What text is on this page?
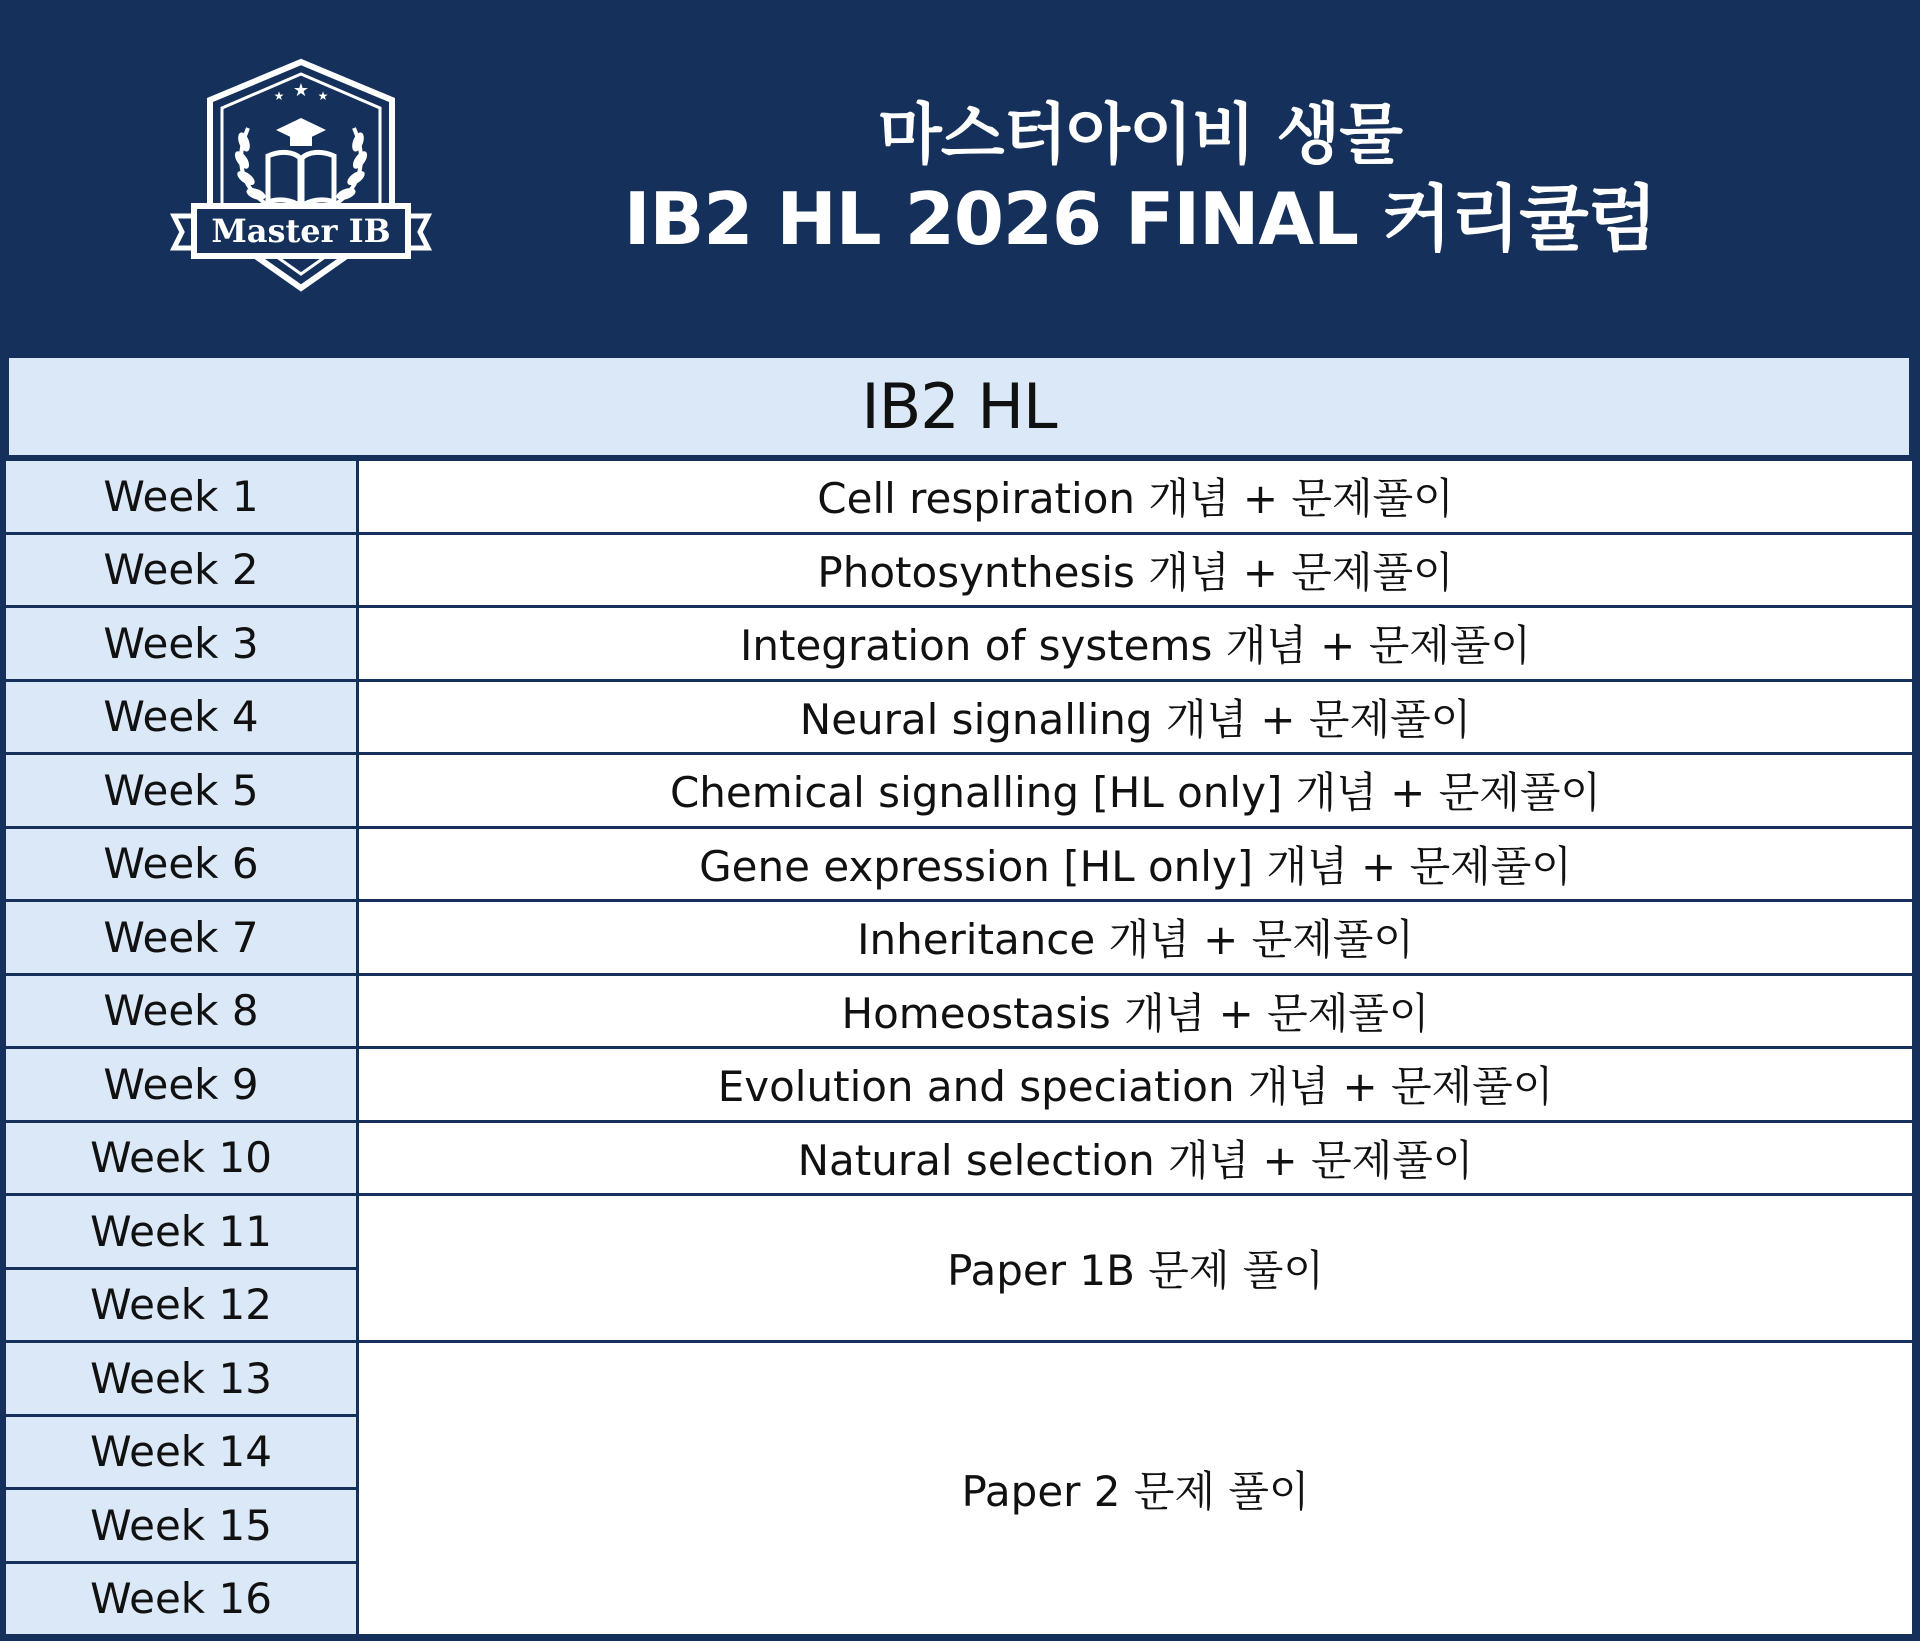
★
★	★
Master IB
마스터아이비 생물
IB2 HL 2026 FINAL 커리큘럼
IB2 HL
Week 1
Week 2
Week 3
Week 4
Week 5
Week 6
Week 7
Week 8
Week 9
Week 10
Week 11
Week 12
Week 13
Week 14
Week 15
Week 16
Cell respiration 개념 + 문제풀이
Photosynthesis 개념 + 문제풀이
Integration of systems 개념 + 문제풀이
Neural signalling 개념 + 문제풀이
Chemical signalling [HL only] 개념 + 문제풀이
Gene expression [HL only] 개념 + 문제풀이
Inheritance 개념 + 문제풀이
Homeostasis 개념 + 문제풀이
Evolution and speciation 개념 + 문제풀이
Natural selection 개념 + 문제풀이
Paper 1B 문제 풀이
Paper 2 문제 풀이
